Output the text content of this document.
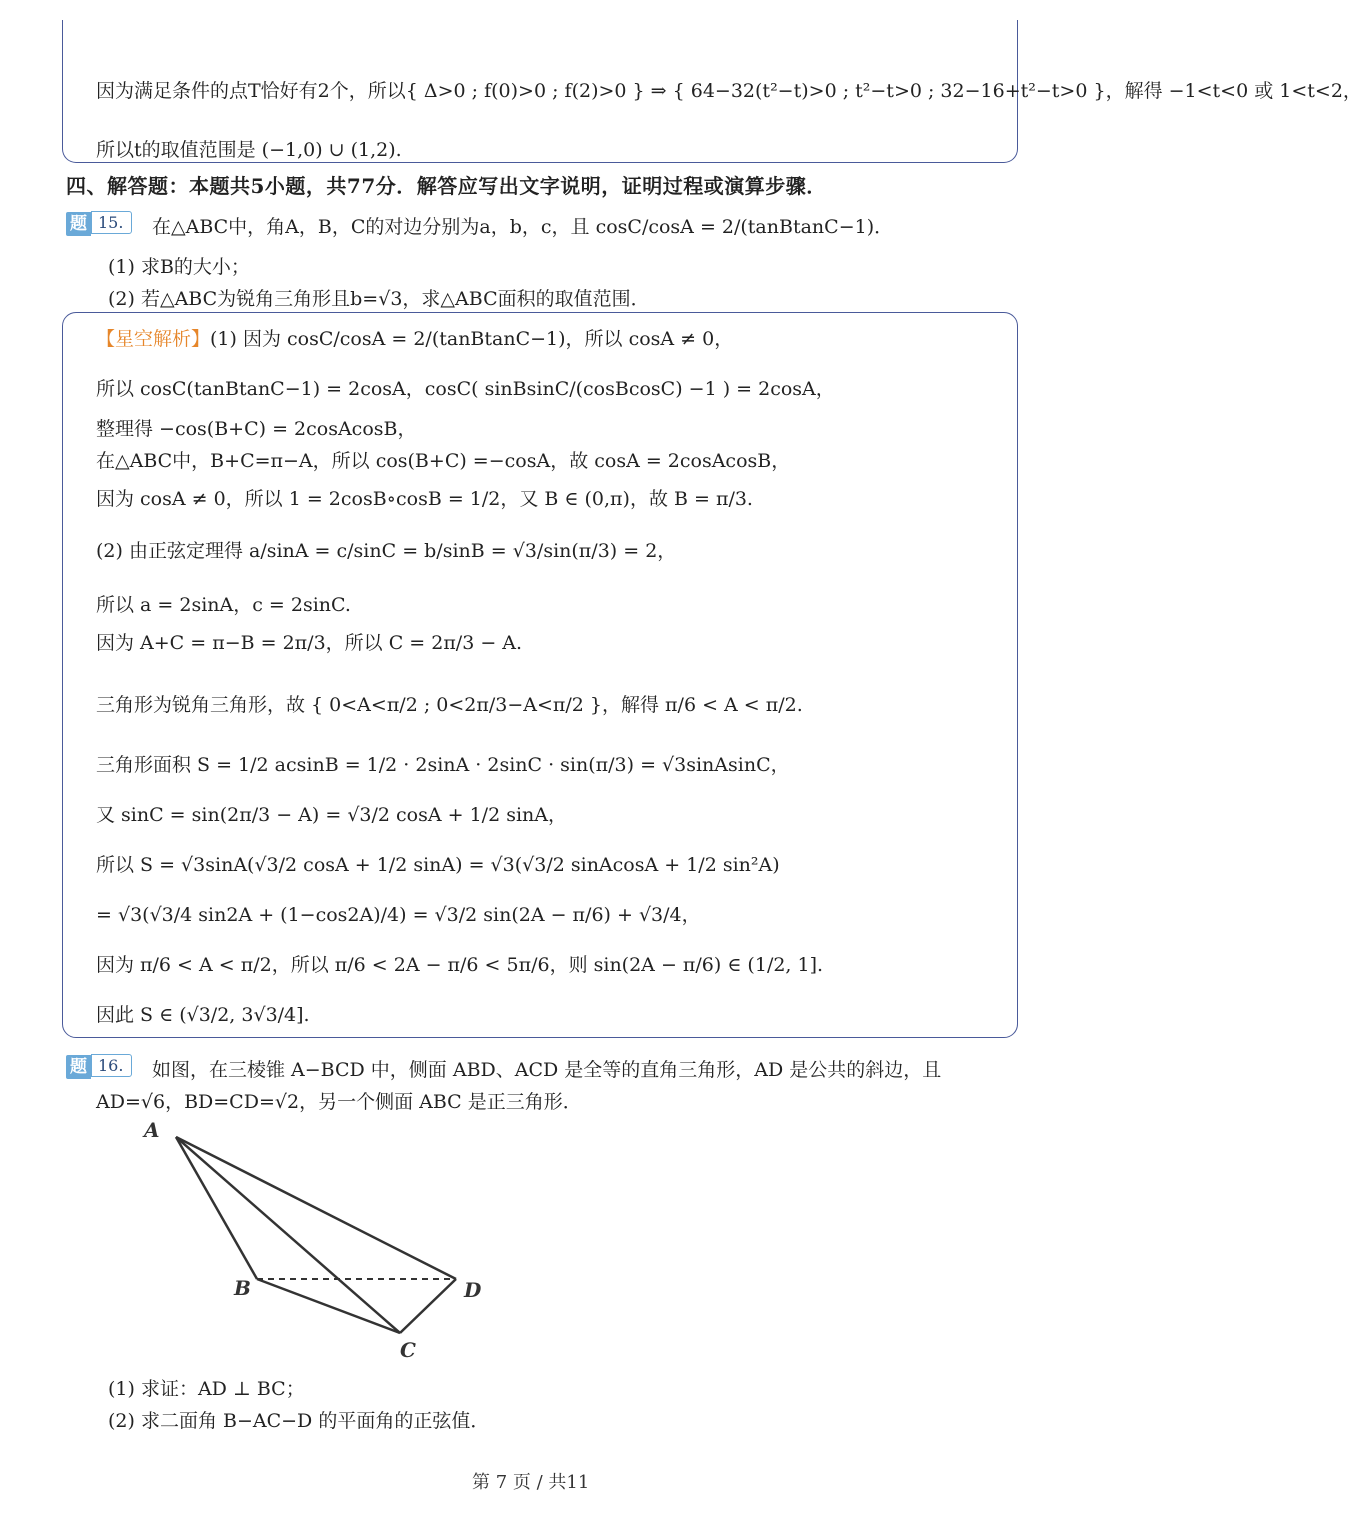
因为满足条件的点T恰好有2个，所以{ Δ>0 ; f(0)>0 ; f(2)>0 } ⇒ { 64−32(t²−t)>0 ; t²−t>0 ; 32−16+t²−t>0 }，解得 −1<t<0 或 1<t<2，
所以t的取值范围是 (−1,0) ∪ (1,2).
四、解答题：本题共5小题，共77分．解答应写出文字说明，证明过程或演算步骤．
题 15.	在△ABC中，角A，B，C的对边分别为a，b，c，且 cosC/cosA = 2/(tanBtanC−1)．
(1) 求B的大小；
(2) 若△ABC为锐角三角形且b=√3，求△ABC面积的取值范围．
【星空解析】(1) 因为 cosC/cosA = 2/(tanBtanC−1)，所以 cosA ≠ 0，
所以 cosC(tanBtanC−1) = 2cosA，cosC( sinBsinC/(cosBcosC) −1 ) = 2cosA，
整理得 −cos(B+C) = 2cosAcosB，
在△ABC中，B+C=π−A，所以 cos(B+C) =−cosA，故 cosA = 2cosAcosB，
因为 cosA ≠ 0，所以 1 = 2cosB∘cosB = 1/2，又 B ∈ (0,π)，故 B = π/3.
(2) 由正弦定理得 a/sinA = c/sinC = b/sinB = √3/sin(π/3) = 2，
所以 a = 2sinA，c = 2sinC.
因为 A+C = π−B = 2π/3，所以 C = 2π/3 − A.
三角形为锐角三角形，故 { 0<A<π/2 ; 0<2π/3−A<π/2 }，解得 π/6 < A < π/2.
三角形面积 S = 1/2 acsinB = 1/2 · 2sinA · 2sinC · sin(π/3) = √3sinAsinC，
又 sinC = sin(2π/3 − A) = √3/2 cosA + 1/2 sinA，
所以 S = √3sinA(√3/2 cosA + 1/2 sinA) = √3(√3/2 sinAcosA + 1/2 sin²A)
= √3(√3/4 sin2A + (1−cos2A)/4) = √3/2 sin(2A − π/6) + √3/4，
因为 π/6 < A < π/2，所以 π/6 < 2A − π/6 < 5π/6，则 sin(2A − π/6) ∈ (1/2, 1].
因此 S ∈ (√3/2, 3√3/4].
题 16.	如图，在三棱锥 A−BCD 中，侧面 ABD、ACD 是全等的直角三角形，AD 是公共的斜边，且
AD=√6，BD=CD=√2，另一个侧面 ABC 是正三角形．
A
B
C
D
(1) 求证：AD ⊥ BC；
(2) 求二面角 B−AC−D 的平面角的正弦值．
第 7 页 / 共11
